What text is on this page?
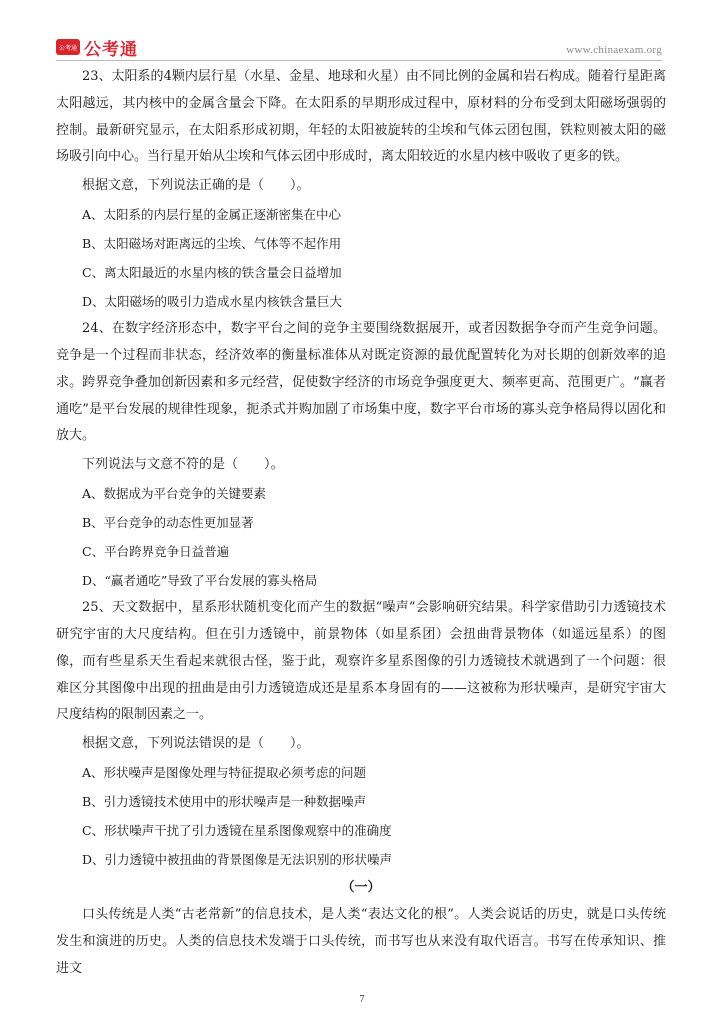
公考通 公考通	www.chinaexam.org

23、太阳系的4颗内层行星（水星、金星、地球和火星）由不同比例的金属和岩石构成。随着行星距离太阳越远，其内核中的金属含量会下降。在太阳系的早期形成过程中，原材料的分布受到太阳磁场强弱的控制。最新研究显示，在太阳系形成初期，年轻的太阳被旋转的尘埃和气体云团包围，铁粒则被太阳的磁场吸引向中心。当行星开始从尘埃和气体云团中形成时，离太阳较近的水星内核中吸收了更多的铁。

根据文意，下列说法正确的是（　　）。

A、太阳系的内层行星的金属正逐渐密集在中心

B、太阳磁场对距离远的尘埃、气体等不起作用

C、离太阳最近的水星内核的铁含量会日益增加

D、太阳磁场的吸引力造成水星内核铁含量巨大

24、在数字经济形态中，数字平台之间的竞争主要围绕数据展开，或者因数据争夺而产生竞争问题。竞争是一个过程而非状态，经济效率的衡量标准体从对既定资源的最优配置转化为对长期的创新效率的追求。跨界竞争叠加创新因素和多元经营，促使数字经济的市场竞争强度更大、频率更高、范围更广。“赢者通吃”是平台发展的规律性现象，扼杀式并购加剧了市场集中度，数字平台市场的寡头竞争格局得以固化和放大。

下列说法与文意不符的是（　　）。

A、数据成为平台竞争的关键要素

B、平台竞争的动态性更加显著

C、平台跨界竞争日益普遍

D、“赢者通吃”导致了平台发展的寡头格局

25、天文数据中，星系形状随机变化而产生的数据“噪声”会影响研究结果。科学家借助引力透镜技术研究宇宙的大尺度结构。但在引力透镜中，前景物体（如星系团）会扭曲背景物体（如遥远星系）的图像，而有些星系天生看起来就很古怪，鉴于此，观察许多星系图像的引力透镜技术就遇到了一个问题：很难区分其图像中出现的扭曲是由引力透镜造成还是星系本身固有的——这被称为形状噪声，是研究宇宙大尺度结构的限制因素之一。

根据文意，下列说法错误的是（　　）。

A、形状噪声是图像处理与特征提取必须考虑的问题

B、引力透镜技术使用中的形状噪声是一种数据噪声

C、形状噪声干扰了引力透镜在星系图像观察中的准确度

D、引力透镜中被扭曲的背景图像是无法识别的形状噪声

（一）

口头传统是人类“古老常新”的信息技术，是人类“表达文化的根”。人类会说话的历史，就是口头传统发生和演进的历史。人类的信息技术发端于口头传统，而书写也从来没有取代语言。书写在传承知识、推进文

7
